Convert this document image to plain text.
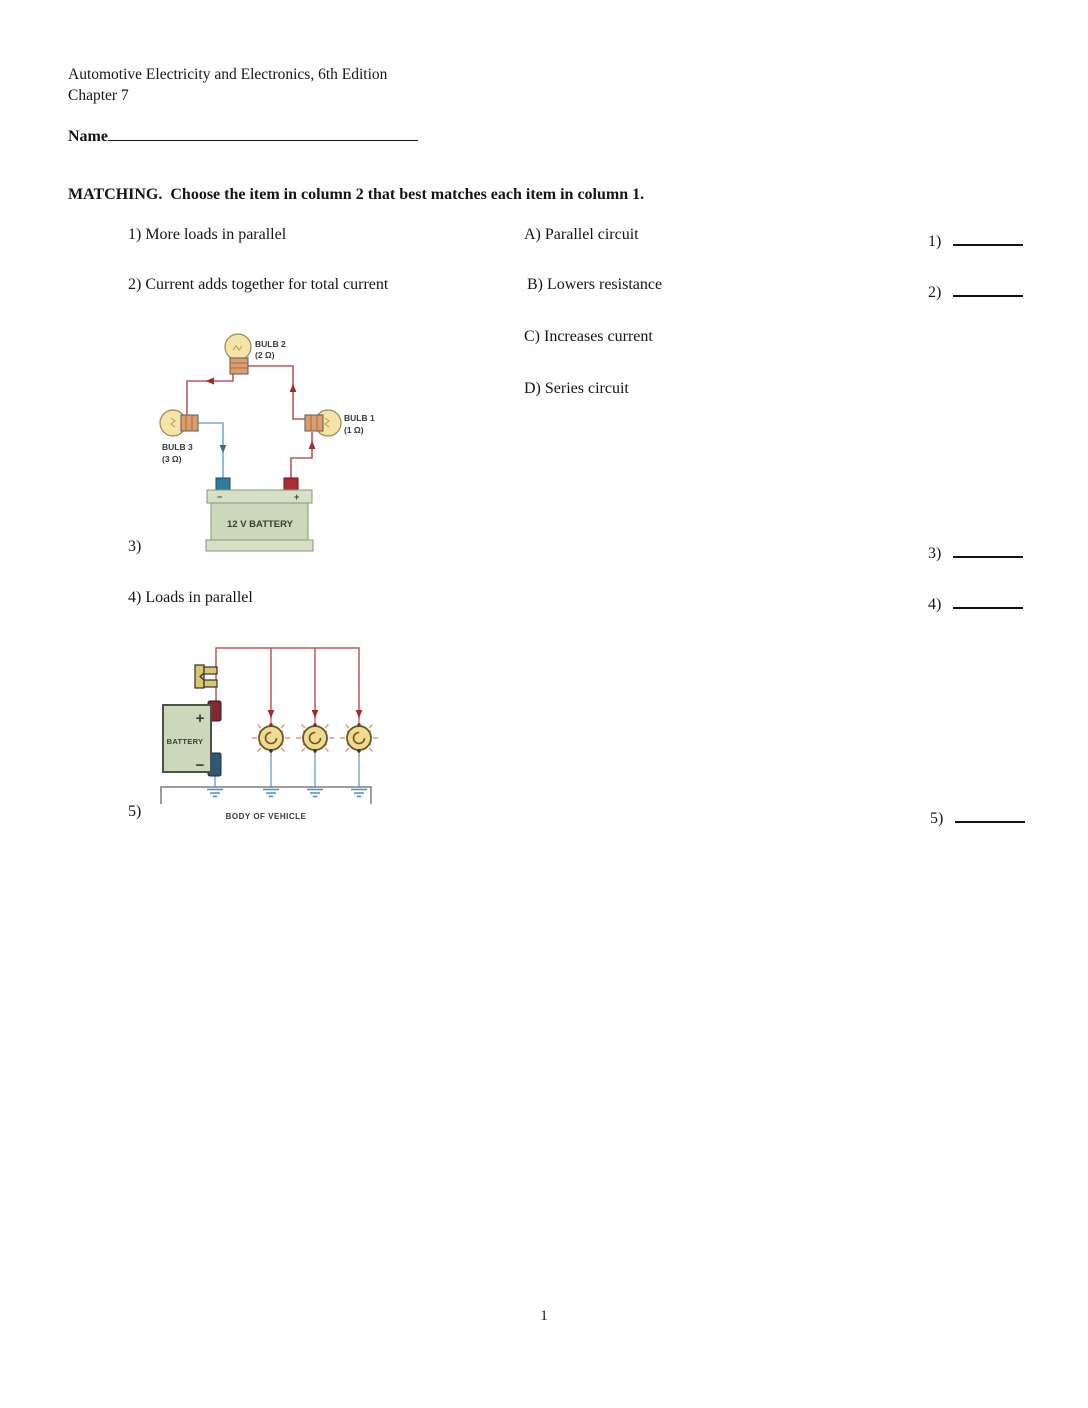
Automotive Electricity and Electronics, 6th Edition
Chapter 7
Name
MATCHING.  Choose the item in column 2 that best matches each item in column 1.
1) More loads in parallel
2) Current adds together for total current
3)
4) Loads in parallel
5)
A) Parallel circuit
B) Lowers resistance
C) Increases current
D) Series circuit
1)
2)
3)
4)
5)
BULB 2
(2 Ω)
BULB 1
(1 Ω)
BULB 3
(3 Ω)
−	+
12 V BATTERY
+
−
BATTERY
BODY OF VEHICLE
1
